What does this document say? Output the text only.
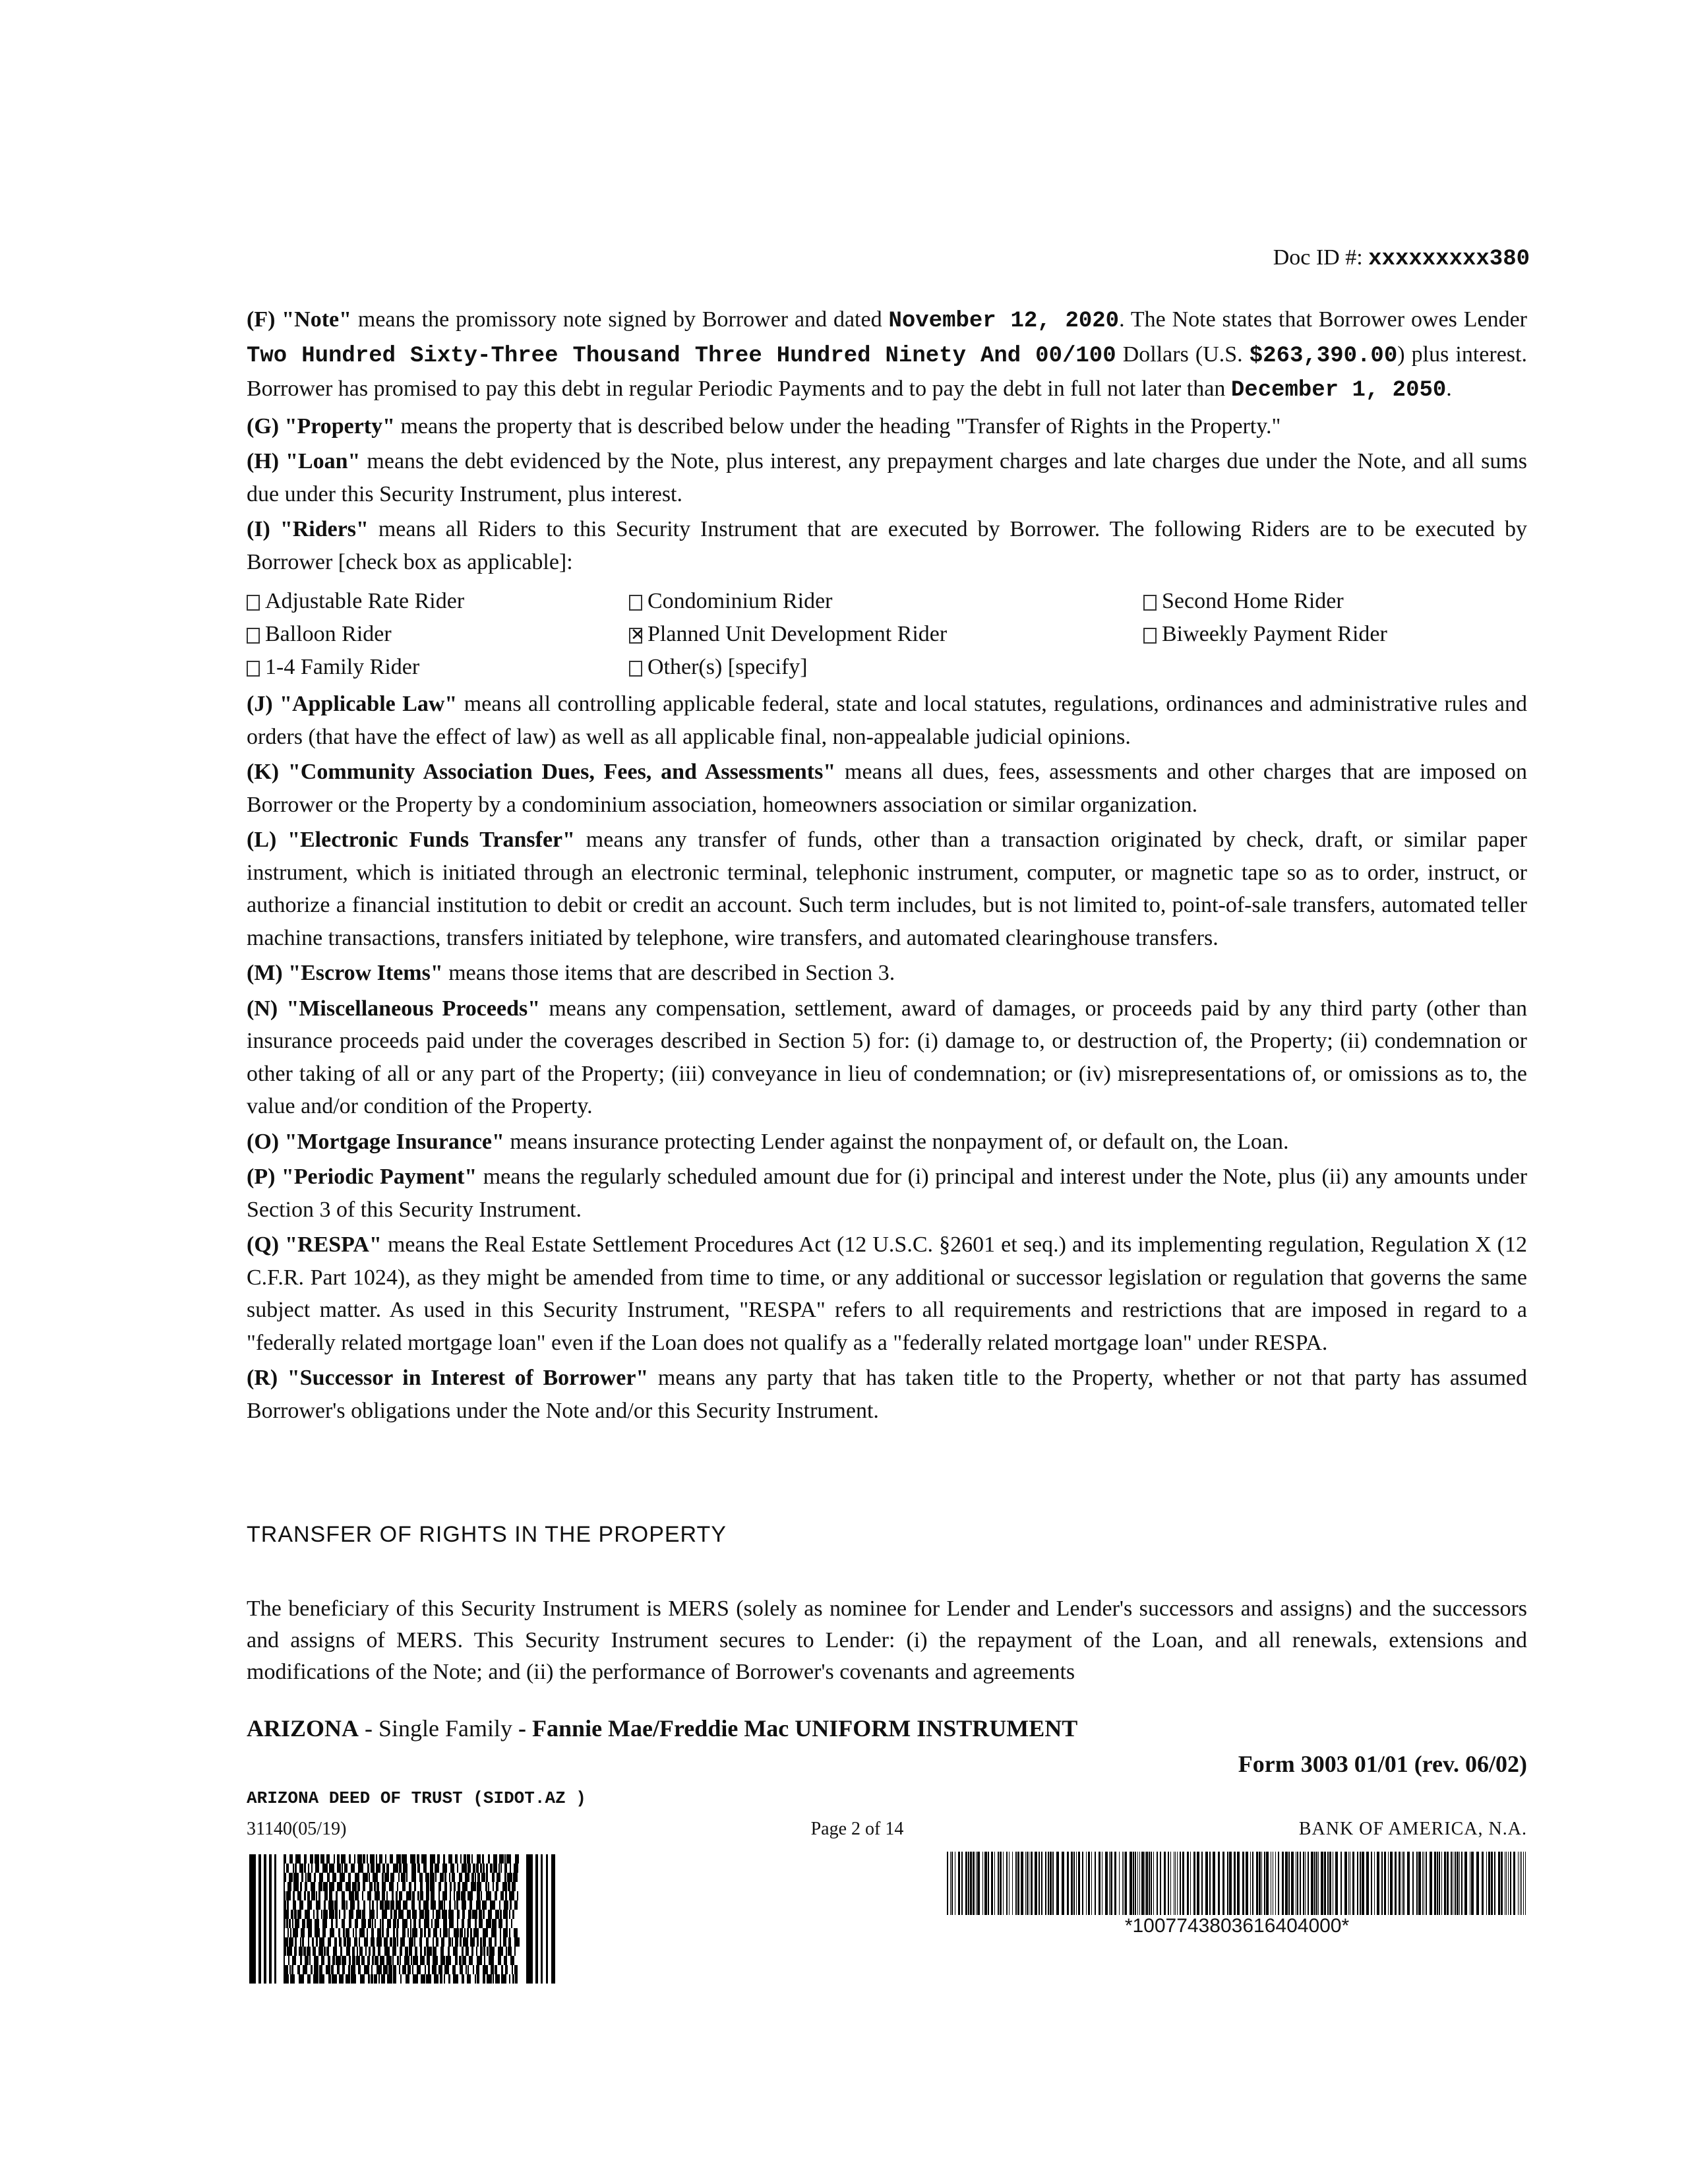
Doc ID #: xxxxxxxxx380

(F) "Note" means the promissory note signed by Borrower and dated November 12, 2020. The Note states that Borrower owes Lender Two Hundred Sixty-Three Thousand Three Hundred Ninety And 00/100 Dollars (U.S. $263,390.00) plus interest. Borrower has promised to pay this debt in regular Periodic Payments and to pay the debt in full not later than December 1, 2050.

(G) "Property" means the property that is described below under the heading "Transfer of Rights in the Property."

(H) "Loan" means the debt evidenced by the Note, plus interest, any prepayment charges and late charges due under the Note, and all sums due under this Security Instrument, plus interest.

(I) "Riders" means all Riders to this Security Instrument that are executed by Borrower. The following Riders are to be executed by Borrower [check box as applicable]:

Adjustable Rate Rider	Condominium Rider	Second Home Rider
Balloon Rider	✕ Planned Unit Development Rider	Biweekly Payment Rider
1-4 Family Rider	Other(s) [specify]

(J) "Applicable Law" means all controlling applicable federal, state and local statutes, regulations, ordinances and administrative rules and orders (that have the effect of law) as well as all applicable final, non-appealable judicial opinions.

(K) "Community Association Dues, Fees, and Assessments" means all dues, fees, assessments and other charges that are imposed on Borrower or the Property by a condominium association, homeowners association or similar organization.

(L) "Electronic Funds Transfer" means any transfer of funds, other than a transaction originated by check, draft, or similar paper instrument, which is initiated through an electronic terminal, telephonic instrument, computer, or magnetic tape so as to order, instruct, or authorize a financial institution to debit or credit an account. Such term includes, but is not limited to, point-of-sale transfers, automated teller machine transactions, transfers initiated by telephone, wire transfers, and automated clearinghouse transfers.

(M) "Escrow Items" means those items that are described in Section 3.

(N) "Miscellaneous Proceeds" means any compensation, settlement, award of damages, or proceeds paid by any third party (other than insurance proceeds paid under the coverages described in Section 5) for: (i) damage to, or destruction of, the Property; (ii) condemnation or other taking of all or any part of the Property; (iii) conveyance in lieu of condemnation; or (iv) misrepresentations of, or omissions as to, the value and/or condition of the Property.

(O) "Mortgage Insurance" means insurance protecting Lender against the nonpayment of, or default on, the Loan.

(P) "Periodic Payment" means the regularly scheduled amount due for (i) principal and interest under the Note, plus (ii) any amounts under Section 3 of this Security Instrument.

(Q) "RESPA" means the Real Estate Settlement Procedures Act (12 U.S.C. §2601 et seq.) and its implementing regulation, Regulation X (12 C.F.R. Part 1024), as they might be amended from time to time, or any additional or successor legislation or regulation that governs the same subject matter. As used in this Security Instrument, "RESPA" refers to all requirements and restrictions that are imposed in regard to a "federally related mortgage loan" even if the Loan does not qualify as a "federally related mortgage loan" under RESPA.

(R) "Successor in Interest of Borrower" means any party that has taken title to the Property, whether or not that party has assumed Borrower's obligations under the Note and/or this Security Instrument.

TRANSFER OF RIGHTS IN THE PROPERTY
The beneficiary of this Security Instrument is MERS (solely as nominee for Lender and Lender's successors and assigns) and the successors and assigns of MERS. This Security Instrument secures to Lender: (i) the repayment of the Loan, and all renewals, extensions and modifications of the Note; and (ii) the performance of Borrower's covenants and agreements
ARIZONA - Single Family - Fannie Mae/Freddie Mac UNIFORM INSTRUMENT
Form 3003 01/01 (rev. 06/02)
ARIZONA DEED OF TRUST (SIDOT.AZ )
31140(05/19)	Page 2 of 14	BANK OF AMERICA, N.A.
*1007743803616404000*
